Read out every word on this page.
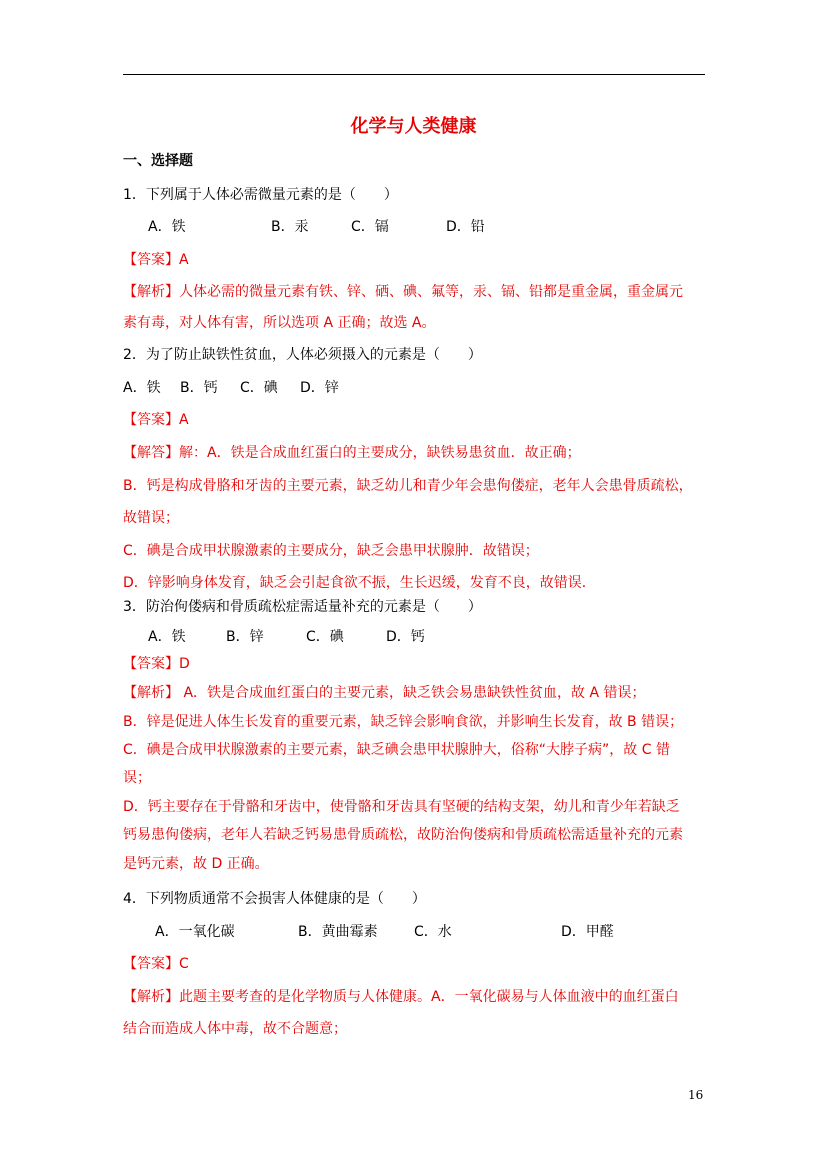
化学与人类健康
一、选择题
1．下列属于人体必需微量元素的是（　　）
A．铁	B．汞	C．镉	D．铅
【答案】A
【解析】人体必需的微量元素有铁、锌、硒、碘、氟等，汞、镉、铅都是重金属，重金属元
素有毒，对人体有害，所以选项 A 正确；故选 A。
2．为了防止缺铁性贫血，人体必须摄入的元素是（　　）
A．铁 B．钙 C．碘 D．锌
【答案】A
【解答】解：A．铁是合成血红蛋白的主要成分，缺铁易患贫血．故正确；
B．钙是构成骨胳和牙齿的主要元素，缺乏幼儿和青少年会患佝偻症，老年人会患骨质疏松，
故错误；
C．碘是合成甲状腺激素的主要成分，缺乏会患甲状腺肿．故错误；
D．锌影响身体发育，缺乏会引起食欲不振，生长迟缓，发育不良，故错误．
3．防治佝偻病和骨质疏松症需适量补充的元素是（　　）
A．铁	B．锌	C．碘	D．钙
【答案】D
【解析】 A．铁是合成血红蛋白的主要元素，缺乏铁会易患缺铁性贫血，故 A 错误；
B．锌是促进人体生长发育的重要元素，缺乏锌会影响食欲，并影响生长发育，故 B 错误；
C．碘是合成甲状腺激素的主要元素，缺乏碘会患甲状腺肿大，俗称“大脖子病”，故 C 错
误；
D．钙主要存在于骨骼和牙齿中，使骨骼和牙齿具有坚硬的结构支架，幼儿和青少年若缺乏
钙易患佝偻病，老年人若缺乏钙易患骨质疏松，故防治佝偻病和骨质疏松需适量补充的元素
是钙元素，故 D 正确。
4．下列物质通常不会损害人体健康的是（　　）
A．一氧化碳	B．黄曲霉素	C．水	D．甲醛
【答案】C
【解析】此题主要考查的是化学物质与人体健康。A．一氧化碳易与人体血液中的血红蛋白
结合而造成人体中毒，故不合题意；
16
